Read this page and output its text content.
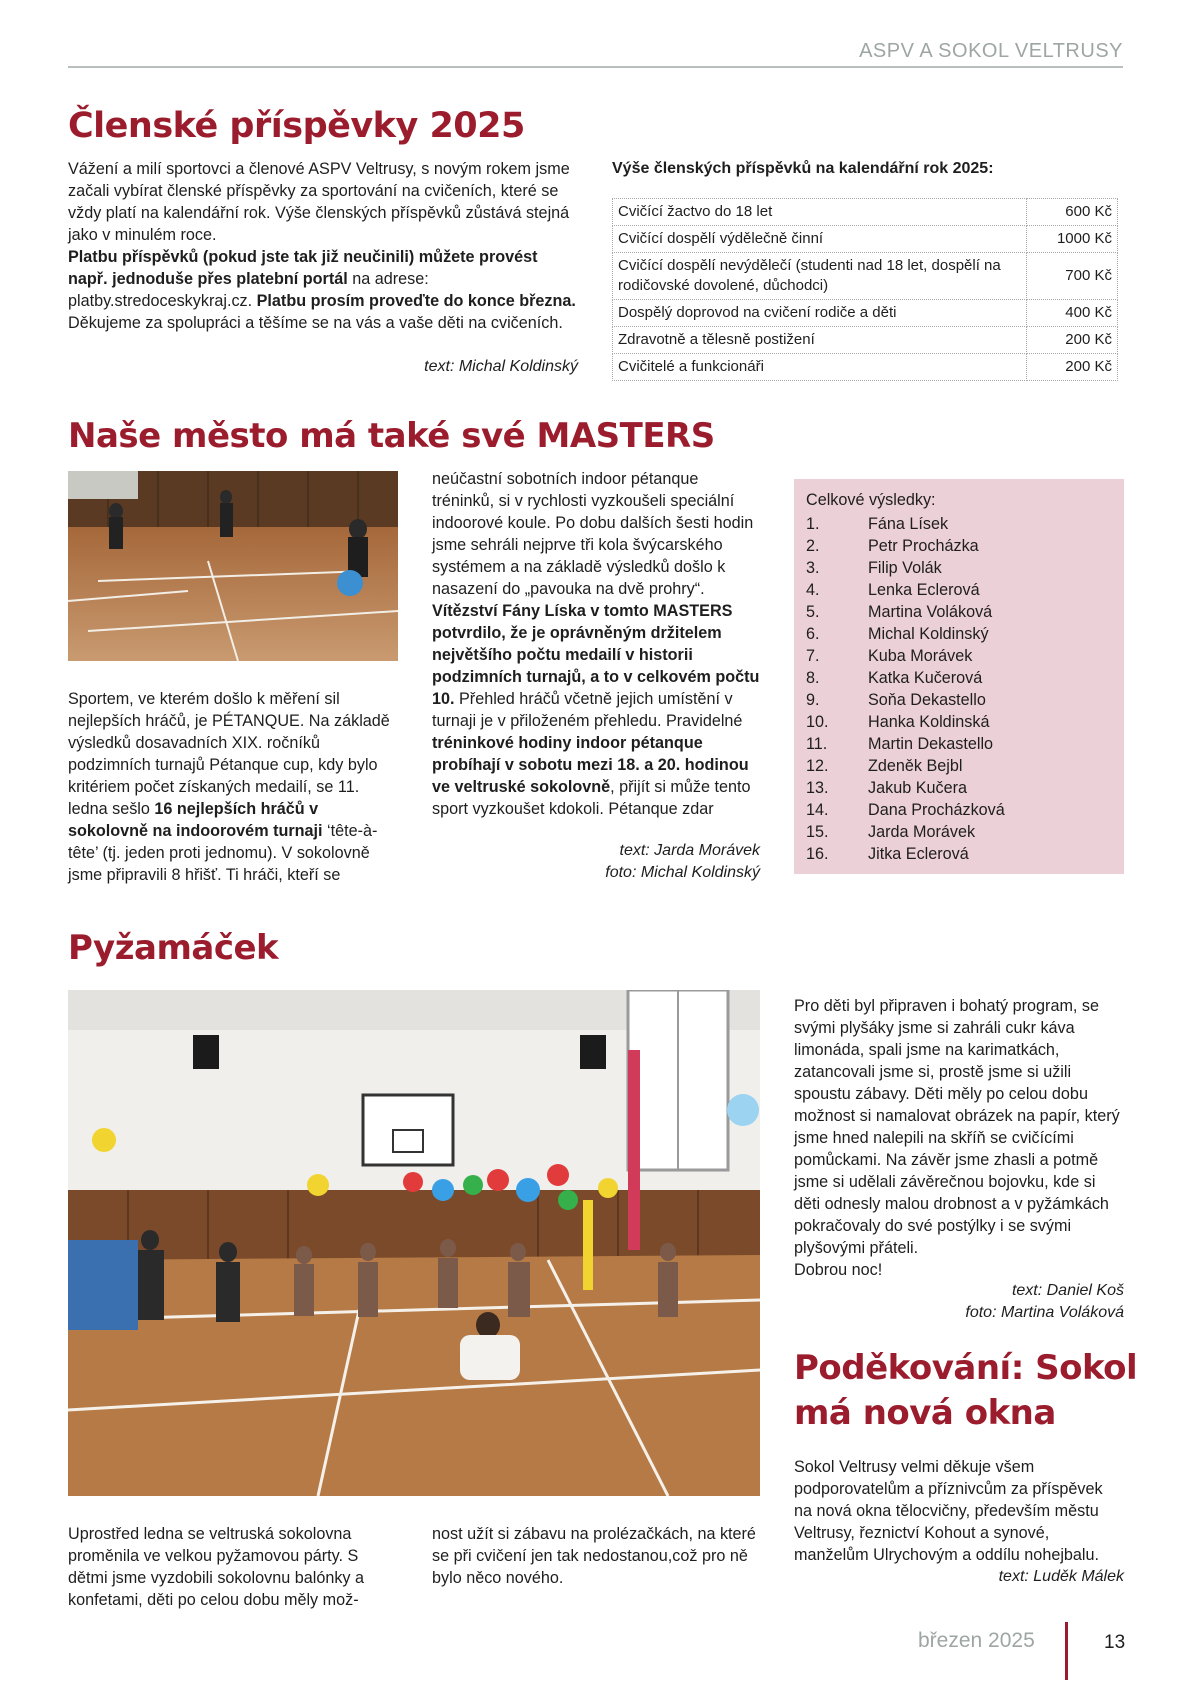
ASPV A SOKOL VELTRUSY
Členské příspěvky 2025

Vážení a milí sportovci a členové ASPV Veltrusy, s novým rokem jsme začali vybírat členské příspěvky za sportování na cvičeních, které se vždy platí na kalendářní rok. Výše členských příspěvků zůstává stejná jako v minulém roce.

Platbu příspěvků (pokud jste tak již neučinili) můžete provést např. jednoduše přes platební portál na adrese: platby.stredoceskykraj.cz. Platbu prosím proveďte do konce března.

Děkujeme za spolupráci a těšíme se na vás a vaše děti na cvičeních.

text: Michal Koldinský
Výše členských příspěvků na kalendářní rok 2025:
Cvičící žactvo do 18 let	600 Kč
Cvičící dospělí výdělečně činní	1000 Kč
Cvičící dospělí nevýdělečí (studenti nad 18 let, dospělí na rodičovské dovolené, důchodci)	700 Kč
Dospělý doprovod na cvičení rodiče a děti	400 Kč
Zdravotně a tělesně postižení	200 Kč
Cvičitelé a funkcionáři	200 Kč
Naše město má také své MASTERS
Sportem, ve kterém došlo k měření sil nejlepších hráčů, je PÉTANQUE. Na základě výsledků dosavadních XIX. ročníků podzimních turnajů Pétanque cup, kdy bylo kritériem počet získaných medailí, se 11. ledna sešlo 16 nejlepších hráčů v sokolovně na indoorovém turnaji ‘tête-à-tête’ (tj. jeden proti jednomu). V sokolovně jsme připravili 8 hřišť. Ti hráči, kteří se
neúčastní sobotních indoor pétanque tréninků, si v rychlosti vyzkoušeli speciální indoorové koule. Po dobu dalších šesti hodin jsme sehráli nejprve tři kola švýcarského systémem a na základě výsledků došlo k nasazení do „pavouka na dvě prohry“. Vítězství Fány Líska v tomto MASTERS potvrdilo, že je oprávněným držitelem největšího počtu medailí v historii podzimních turnajů, a to v celkovém počtu 10. Přehled hráčů včetně jejich umístění v turnaji je v přiloženém přehledu. Pravidelné tréninkové hodiny indoor pétanque probíhají v sobotu mezi 18. a 20. hodinou ve veltruské sokolovně, přijít si může tento sport vyzkoušet kdokoli. Pétanque zdar
text: Jarda Morávek
foto: Michal Koldinský
Celkové výsledky:
1.	Fána Lísek
2.	Petr Procházka
3.	Filip Volák
4.	Lenka Eclerová
5.	Martina Voláková
6.	Michal Koldinský
7.	Kuba Morávek
8.	Katka Kučerová
9.	Soňa Dekastello
10. Hanka Koldinská
11.	Martin Dekastello
12. Zdeněk Bejbl
13. Jakub Kučera
14. Dana Procházková
15. Jarda Morávek
16. Jitka Eclerová
Pyžamáček
Uprostřed ledna se veltruská sokolovna proměnila ve velkou pyžamovou párty. S dětmi jsme vyzdobili sokolovnu balónky a konfetami, děti po celou dobu měly mož-
nost užít si zábavu na prolézačkách, na které se při cvičení jen tak nedostanou,což pro ně bylo něco nového.

Pro děti byl připraven i bohatý program, se svými plyšáky jsme si zahráli cukr káva limonáda, spali jsme na karimatkách, zatancovali jsme si, prostě jsme si užili spoustu zábavy. Děti měly po celou dobu možnost si namalovat obrázek na papír, který jsme hned nalepili na skříň se cvičícími pomůckami. Na závěr jsme zhasli a potmě jsme si udělali závěrečnou bojovku, kde si děti odnesly malou drobnost a v pyžámkách pokračovaly do své postýlky i se svými plyšovými přáteli.

Dobrou noc!

text: Daniel Koš
foto: Martina Voláková
Poděkování: Sokol
má nová okna
Sokol Veltrusy velmi děkuje všem podporovatelům a příznivcům za příspěvek na nová okna tělocvičny, především městu Veltrusy, řeznictví Kohout a synové, manželům Ulrychovým a oddílu nohejbalu.
text: Luděk Málek
březen 2025	13
